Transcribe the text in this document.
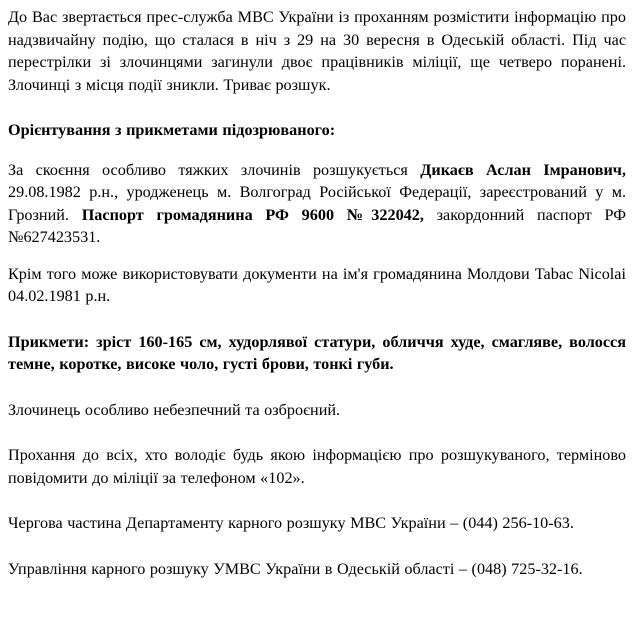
До Вас звертається прес-служба МВС України із проханням розмістити інформацію про надзвичайну подію, що сталася в ніч з 29 на 30 вересня в Одеській області. Під час перестрілки зі злочинцями загинули двоє працівників міліції, ще четверо поранені. Злочинці з місця події зникли. Триває розшук.

Орієнтування з прикметами підозрюваного:

За скоєння особливо тяжких злочинів розшукується Дикаєв Аслан Імранович, 29.08.1982 р.н., уродженець м. Волгоград Російської Федерації, зареєстрований у м. Грозний. Паспорт громадянина РФ 9600 №322042, закордонний паспорт РФ №627423531.

Крім того може використовувати документи на ім'я громадянина Молдови Tabac Nicolai 04.02.1981 р.н.

Прикмети: зріст 160-165 см, худорлявої статури, обличчя худе, смагляве, волосся темне, коротке, високе чоло, густі брови, тонкі губи.

Злочинець особливо небезпечний та озброєний.

Прохання до всіх, хто володіє будь якою інформацією про розшукуваного, терміново повідомити до міліції за телефоном «102».

Чергова частина Департаменту карного розшуку МВС України – (044) 256-10-63.

Управління карного розшуку УМВС України в Одеській області – (048) 725-32-16.
